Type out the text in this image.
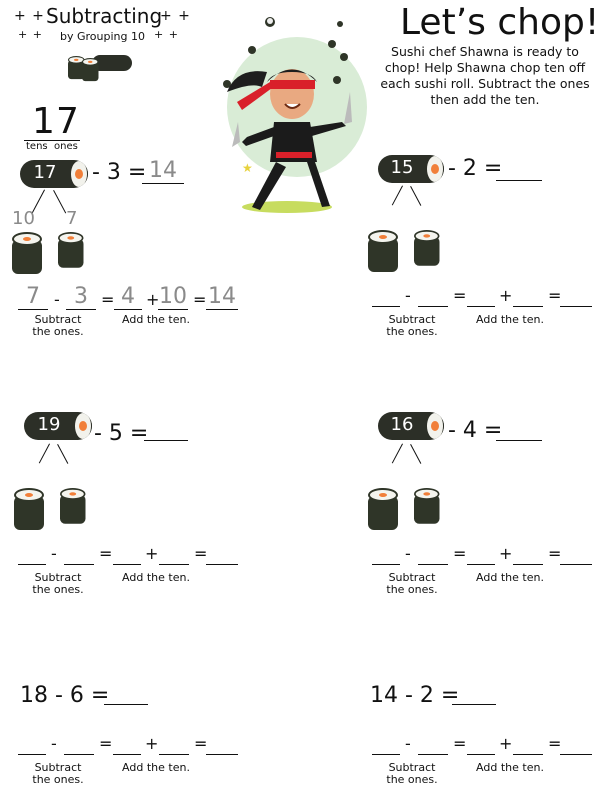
+ + Subtracting
+ +
+ + by Grouping 10 + +	Let’s chop!
Sushi chef Shawna is ready to chop! Help Shawna chop ten off each sushi roll. Subtract the ones then add the ten.
★
1 7
tens ones
17	- 3 = 14
10 7
7 - 3 = 4 + 10 = 14
Subtract
the ones.
Add the ten.
15	- 2 =
-	= + =
Subtract
the ones.
Add the ten.
-	= + =
Subtract
the ones.
Add the ten.
-	= + =
Subtract
the ones.
Add the ten.
-	= + =
Subtract
the ones.
Add the ten.
-	= + =
Subtract
the ones.
Add the ten.
19	- 5 =	16	- 4 =
18 - 6 =	14 - 2 =
